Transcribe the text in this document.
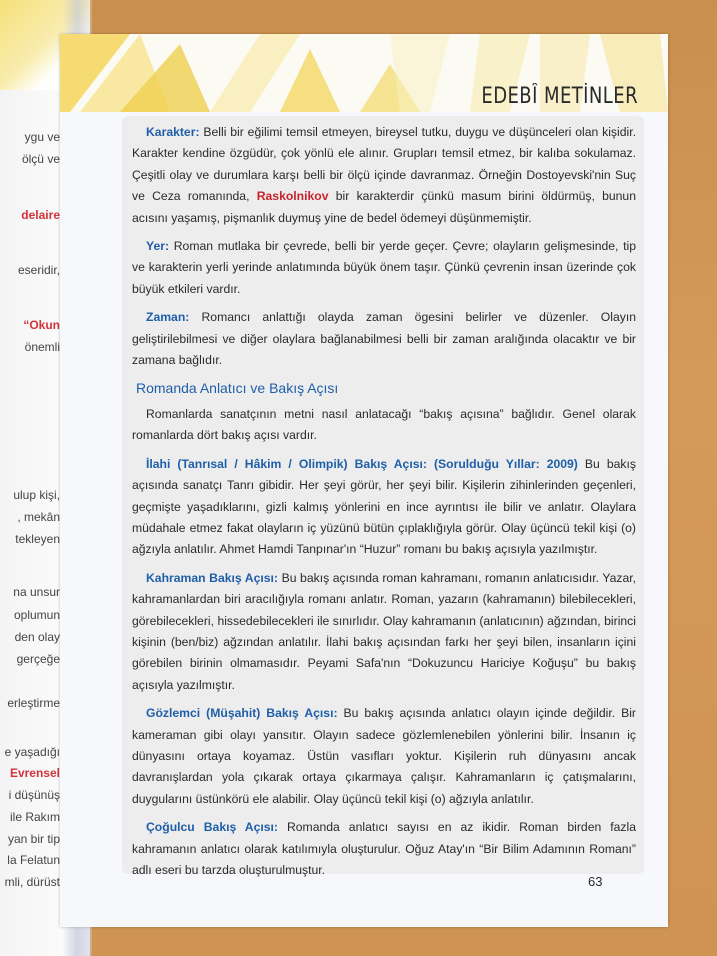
ygu ve
ölçü ve
delaire
eseridir,
“Okun
önemli
ulup kişi,
, mekân
tekleyen
na unsur
oplumun
den olay
gerçeğe
erleştirme
e yaşadığı
Evrensel
i düşünüş
ile Rakım
yan bir tip
la Felatun
mli, dürüst
EDEBÎ METİNLER

Karakter: Belli bir eğilimi temsil etmeyen, bireysel tutku, duygu ve düşünceleri olan kişidir. Karakter kendine özgüdür, çok yönlü ele alınır. Grupları temsil etmez, bir kalıba sokulamaz. Çeşitli olay ve durumlara karşı belli bir ölçü içinde davranmaz. Örneğin Dostoyevski'nin Suç ve Ceza romanında, Raskolnikov bir karakterdir çünkü masum birini öldürmüş, bunun acısını yaşamış, pişmanlık duymuş yine de bedel ödemeyi düşünmemiştir.

Yer: Roman mutlaka bir çevrede, belli bir yerde geçer. Çevre; olayların gelişmesinde, tip ve karakterin yerli yerinde anlatımında büyük önem taşır. Çünkü çevrenin insan üzerinde çok büyük etkileri vardır.

Zaman: Romancı anlattığı olayda zaman ögesini belirler ve düzenler. Olayın geliştirilebilmesi ve diğer olaylara bağlanabilmesi belli bir zaman aralığında olacaktır ve bir zamana bağlıdır.

Romanda Anlatıcı ve Bakış Açısı

Romanlarda sanatçının metni nasıl anlatacağı “bakış açısına” bağlıdır. Genel olarak romanlarda dört bakış açısı vardır.

İlahi (Tanrısal / Hâkim / Olimpik) Bakış Açısı: (Sorulduğu Yıllar: 2009) Bu bakış açısında sanatçı Tanrı gibidir. Her şeyi görür, her şeyi bilir. Kişilerin zihinlerinden geçenleri, geçmişte yaşadıklarını, gizli kalmış yönlerini en ince ayrıntısı ile bilir ve anlatır. Olaylara müdahale etmez fakat olayların iç yüzünü bütün çıplaklığıyla görür. Olay üçüncü tekil kişi (o) ağzıyla anlatılır. Ahmet Hamdi Tanpınar'ın “Huzur” romanı bu bakış açısıyla yazılmıştır.

Kahraman Bakış Açısı: Bu bakış açısında roman kahramanı, romanın anlatıcısıdır. Yazar, kahramanlardan biri aracılığıyla romanı anlatır. Roman, yazarın (kahramanın) bilebilecekleri, görebilecekleri, hissedebilecekleri ile sınırlıdır. Olay kahramanın (anlatıcının) ağzından, birinci kişinin (ben/biz) ağzından anlatılır. İlahi bakış açısından farkı her şeyi bilen, insanların içini görebilen birinin olmamasıdır. Peyami Safa'nın “Dokuzuncu Hariciye Koğuşu” bu bakış açısıyla yazılmıştır.

Gözlemci (Müşahit) Bakış Açısı: Bu bakış açısında anlatıcı olayın içinde değildir. Bir kameraman gibi olayı yansıtır. Olayın sadece gözlemlenebilen yönlerini bilir. İnsanın iç dünyasını ortaya koyamaz. Üstün vasıfları yoktur. Kişilerin ruh dünyasını ancak davranışlardan yola çıkarak ortaya çıkarmaya çalışır. Kahramanların iç çatışmalarını, duygularını üstünkörü ele alabilir. Olay üçüncü tekil kişi (o) ağzıyla anlatılır.

Çoğulcu Bakış Açısı: Romanda anlatıcı sayısı en az ikidir. Roman birden fazla kahramanın anlatıcı olarak katılımıyla oluşturulur. Oğuz Atay'ın “Bir Bilim Adamının Romanı” adlı eseri bu tarzda oluşturulmuştur.

63
